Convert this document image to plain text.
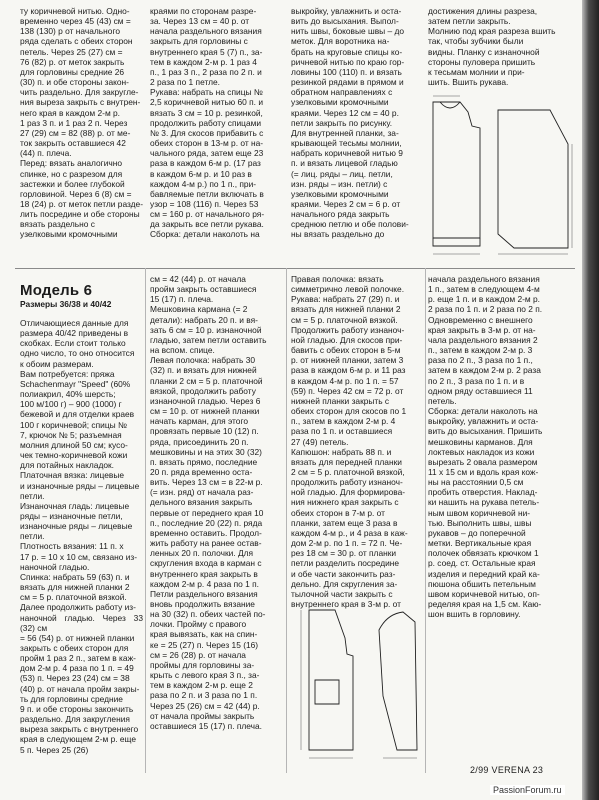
ту коричневой нитью. Одно-
временно через 45 (43) см =
138 (130) р от начального
ряда сделать с обеих сторон
петель. Через 25 (27) см =
76 (82) р. от меток закрыть
для горловины средние 26
(30) п. и обе стороны закон-
чить раздельно. Для закругле-
ния выреза закрыть с внутрен-
него края в каждом 2-м р.
1 раз 3 п. и 1 раз 2 п. Через
27 (29) см = 82 (88) р. от ме-
ток закрыть оставшиеся 42
(44) п. плеча.
Перед: вязать аналогично
спинке, но с разрезом для
застежки и более глубокой
горловиной. Через 6 (8) см =
18 (24) р. от меток петли разде-
лить посредине и обе стороны
вязать раздельно с
узелковыми кромочными
краями по сторонам разре-
за. Через 13 см = 40 р. от
начала раздельного вязания
закрыть для горловины с
внутреннего края 5 (7) п., за-
тем в каждом 2-м р. 1 раз 4
п., 1 раз 3 п., 2 раза по 2 п. и
2 раза по 1 петле.
Рукава: набрать на спицы №
2,5 коричневой нитью 60 п. и
вязать 3 см = 10 р. резинкой,
продолжить работу спицами
№ 3. Для скосов прибавить с
обеих сторон в 13-м р. от на-
чального ряда, затем еще 23
раза в каждом 6-м р. (17 раз
в каждом 6-м р. и 10 раз в
каждом 4-м р.) по 1 п., при-
бавляемые петли включать в
узор = 108 (116) п. Через 53
см = 160 р. от начального ря-
да закрыть все петли рукава.
Сборка: детали наколоть на
выкройку, увлажнить и оста-
вить до высыхания. Выпол-
нить швы, боковые швы – до
меток. Для воротника на-
брать на круговые спицы ко-
ричневой нитью по краю гор-
ловины 100 (110) п. и вязать
резинкой рядами в прямом и
обратном направлениях с
узелковыми кромочными
краями. Через 12 см = 40 р.
петли закрыть по рисунку.
Для внутренней планки, за-
крывающей тесьмы молнии,
набрать коричневой нитью 9
п. и вязать лицевой гладью
(= лиц. ряды – лиц. петли,
изн. ряды – изн. петли) с
узелковыми кромочными
краями. Через 2 см = 6 р. от
начального ряда закрыть
среднюю петлю и обе полови-
ны вязать раздельно до
достижения длины разреза,
затем петли закрыть.
Молнию под края разреза вшить
так, чтобы зубчики были
видны. Планку с изнаночной
стороны пуловера пришить
к тесьмам молнии и при-
шить. Вшить рукава.
Модель 6
Размеры 36/38 и 40/42
Отличающиеся данные для
размера 40/42 приведены в
скобках. Если стоит только
одно число, то оно относится
к обоим размерам.
Вам потребуется: пряжа
Schachenmayr "Speed" (60%
полиакрил, 40% шерсть;
100 м/100 г) – 900 (1000) г
бежевой и для отделки краев
100 г коричневой; спицы №
7, крючок № 5; разъемная
молния длиной 50 см; кусо-
чек темно-коричневой кожи
для потайных накладок.
Платочная вязка: лицевые
и изнаночные ряды – лицевые
петли.
Изнаночная гладь: лицевые
ряды – изнаночные петли,
изнаночные ряды – лицевые
петли.
Плотность вязания: 11 п. х
17 р. = 10 х 10 см, связано из-
наночной гладью.
Спинка: набрать 59 (63) п. и
вязать для нижней планки 2
см = 5 р. платочной вязкой.
Далее продолжить работу из-
наночной гладью. Через 33 (32) см
= 56 (54) р. от нижней планки
закрыть с обеих сторон для
пройм 1 раз 2 п., затем в каж-
дом 2-м р. 4 раза по 1 п. = 49
(53) п. Через 23 (24) см = 38
(40) р. от начала пройм закры-
ть для горловины средние
9 п. и обе стороны закончить
раздельно. Для закругления
выреза закрыть с внутреннего
края в следующем 2-м р. еще
5 п. Через 25 (26)
см = 42 (44) р. от начала
пройм закрыть оставшиеся
15 (17) п. плеча.
Мешковина кармана (= 2
детали): набрать 20 п. и вя-
зать 6 см = 10 р. изнаночной
гладью, затем петли оставить
на вспом. спице.
Левая полочка: набрать 30
(32) п. и вязать для нижней
планки 2 см = 5 р. платочной
вязкой, продолжить работу
изнаночной гладью. Через 6
см = 10 р. от нижней планки
начать карман, для этого
провязать первые 10 (12) п.
ряда, присоединить 20 п.
мешковины и на этих 30 (32)
п. вязать прямо, последние
20 п. ряда временно оста-
вить. Через 13 см = в 22-м р.
(= изн. ряд) от начала раз-
дельного вязания закрыть
первые от переднего края 10
п., последние 20 (22) п. ряда
временно оставить. Продол-
жить работу на ранее остав-
ленных 20 п. полочки. Для
скругления входа в карман с
внутреннего края закрыть в
каждом 2-м р. 4 раза по 1 п.
Петли раздельного вязания
вновь продолжить вязание
на 30 (32) п. обеих частей по-
лочки. Пройму с правого
края вывязать, как на спин-
ке = 25 (27) п. Через 15 (16)
см = 26 (28) р. от начала
проймы для горловины за-
крыть с левого края 3 п., за-
тем в каждом 2-м р. еще 2
раза по 2 п. и 3 раза по 1 п.
Через 25 (26) см = 42 (44) р.
от начала проймы закрыть
оставшиеся 15 (17) п. плеча.
Правая полочка: вязать
симметрично левой полочке.
Рукава: набрать 27 (29) п. и
вязать для нижней планки 2
см = 5 р. платочной вязкой.
Продолжить работу изнаноч-
ной гладью. Для скосов при-
бавить с обеих сторон в 5-м
р. от нижней планки, затем 3
раза в каждом 6-м р. и 11 раз
в каждом 4-м р. по 1 п. = 57
(59) п. Через 42 см = 72 р. от
нижней планки закрыть с
обеих сторон для скосов по 1
п., затем в каждом 2-м р. 4
раза по 1 п. и оставшиеся
27 (49) петель.
Капюшон: набрать 88 п. и
вязать для передней планки
2 см = 5 р. платочной вязкой,
продолжить работу изнаноч-
ной гладью. Для формирова-
ния нижнего края закрыть с
обеих сторон в 7-м р. от
планки, затем еще 3 раза в
каждом 4-м р., и 4 раза в каж-
дом 2-м р. по 1 п. = 72 п. Че-
рез 18 см = 30 р. от планки
петли разделить посредине
и обе части закончить раз-
дельно. Для скругления за-
тылочной части закрыть с
внутреннего края в 3-м р. от
начала раздельного вязания
1 п., затем в следующем 4-м
р. еще 1 п. и в каждом 2-м р.
2 раза по 1 п. и 2 раза по 2 п.
Одновременно с внешнего
края закрыть в 3-м р. от на-
чала раздельного вязания 2
п., затем в каждом 2-м р. 3
раза по 2 п., 3 раза по 1 п.,
затем в каждом 2-м р. 2 раза
по 2 п., 3 раза по 1 п. и в
одном ряду оставшиеся 11
петель.
Сборка: детали наколоть на
выкройку, увлажнить и оста-
вить до высыхания. Пришить
мешковины карманов. Для
локтевых накладок из кожи
вырезать 2 овала размером
11 х 15 см и вдоль края кож-
ны на расстоянии 0,5 см
пробить отверстия. Наклад-
ки нашить на рукава петель-
ным швом коричневой ни-
тью. Выполнить швы, швы
рукавов – до поперечной
метки. Вертикальные края
полочек обвязать крючком 1
р. соед. ст. Остальные края
изделия и передний край ка-
пюшона обшить петельным
швом коричневой нитью, оп-
ределяя края на 1,5 см. Каю-
шон вшить в горловину.
2/99 VERENA 23
PassionForum.ru
